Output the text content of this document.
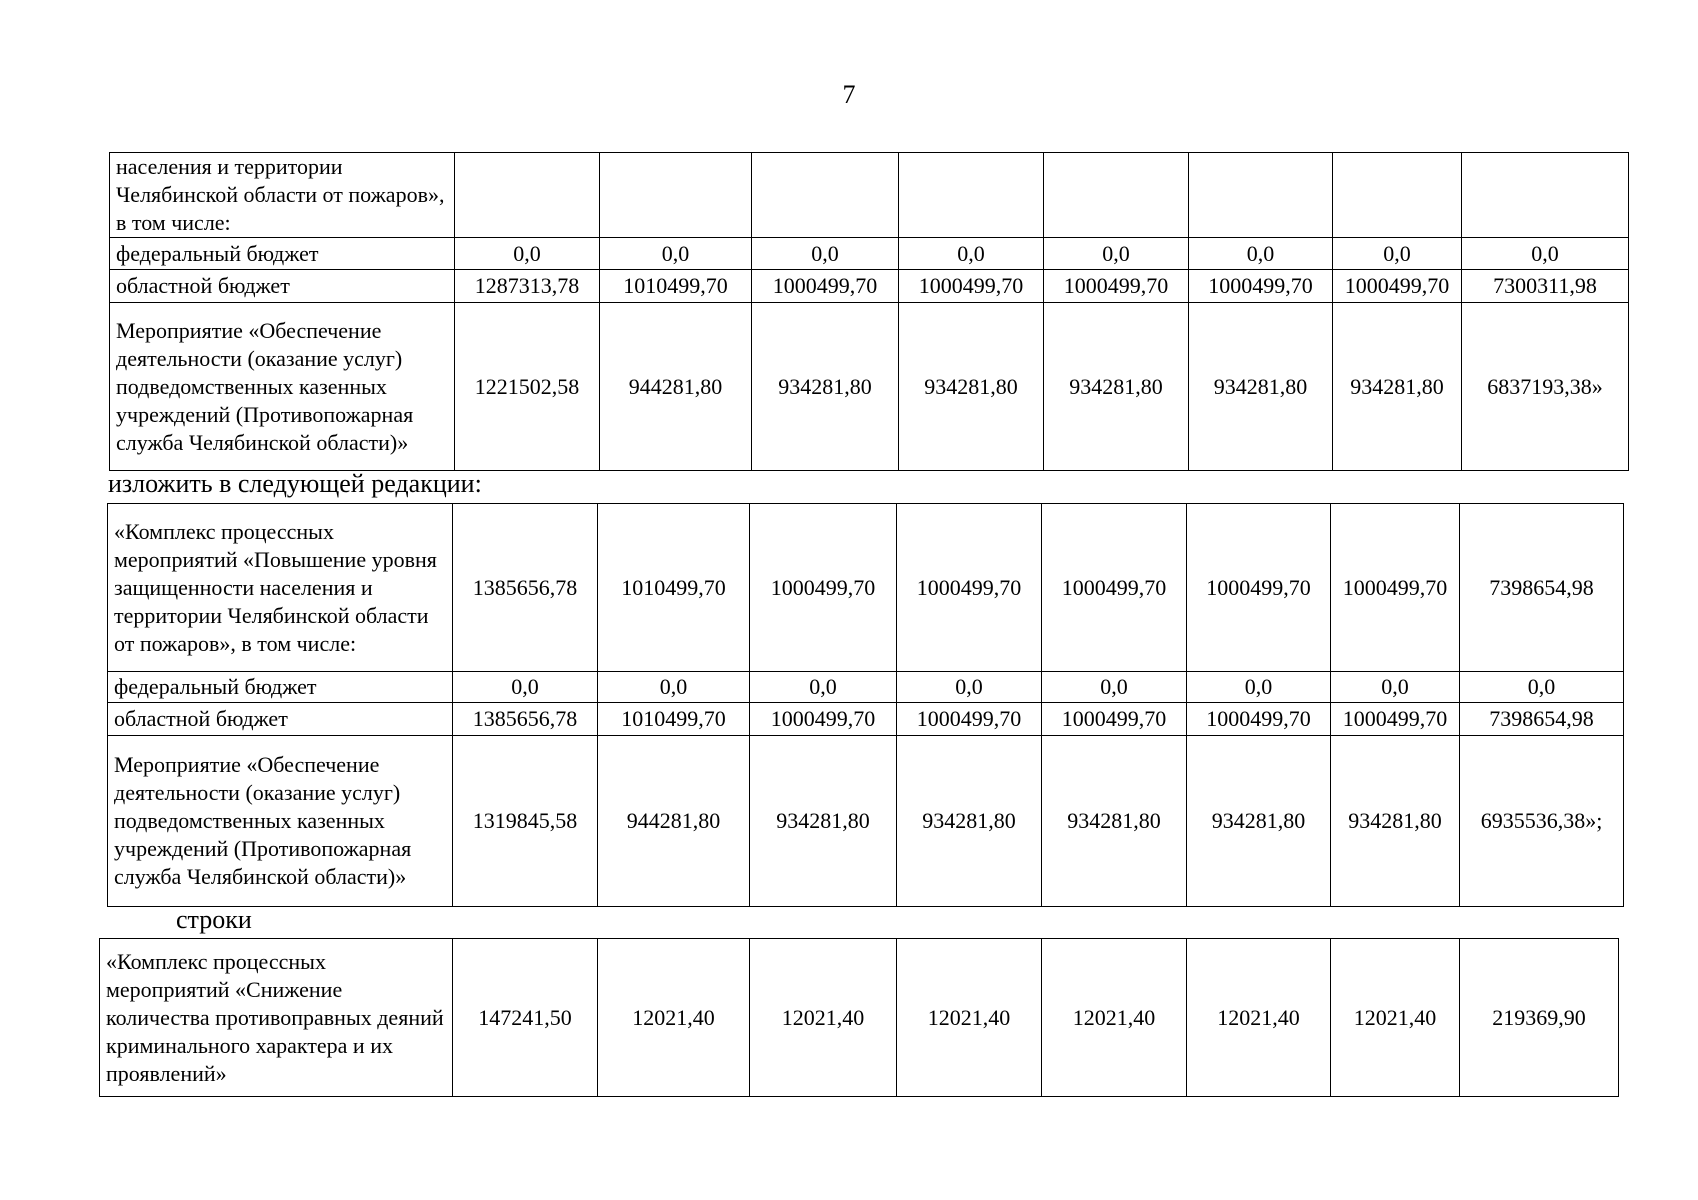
7
населения и территории Челябинской области от пожаров», в том числе:								
федеральный бюджет	0,0	0,0	0,0	0,0	0,0	0,0	0,0	0,0
областной бюджет	1287313,78	1010499,70	1000499,70	1000499,70	1000499,70	1000499,70	1000499,70	7300311,98
Мероприятие «Обеспечение деятельности (оказание услуг) подведомственных казенных учреждений (Противопожарная служба Челябинской области)»	1221502,58	944281,80	934281,80	934281,80	934281,80	934281,80	934281,80	6837193,38»
изложить в следующей редакции:
«Комплекс процессных мероприятий «Повышение уровня защищенности населения и территории Челябинской области от пожаров», в том числе:	1385656,78	1010499,70	1000499,70	1000499,70	1000499,70	1000499,70	1000499,70	7398654,98
федеральный бюджет	0,0	0,0	0,0	0,0	0,0	0,0	0,0	0,0
областной бюджет	1385656,78	1010499,70	1000499,70	1000499,70	1000499,70	1000499,70	1000499,70	7398654,98
Мероприятие «Обеспечение деятельности (оказание услуг) подведомственных казенных учреждений (Противопожарная служба Челябинской области)»	1319845,58	944281,80	934281,80	934281,80	934281,80	934281,80	934281,80	6935536,38»;
строки
«Комплекс процессных мероприятий «Снижение количества противоправных деяний криминального характера и их проявлений»	147241,50	12021,40	12021,40	12021,40	12021,40	12021,40	12021,40	219369,90
